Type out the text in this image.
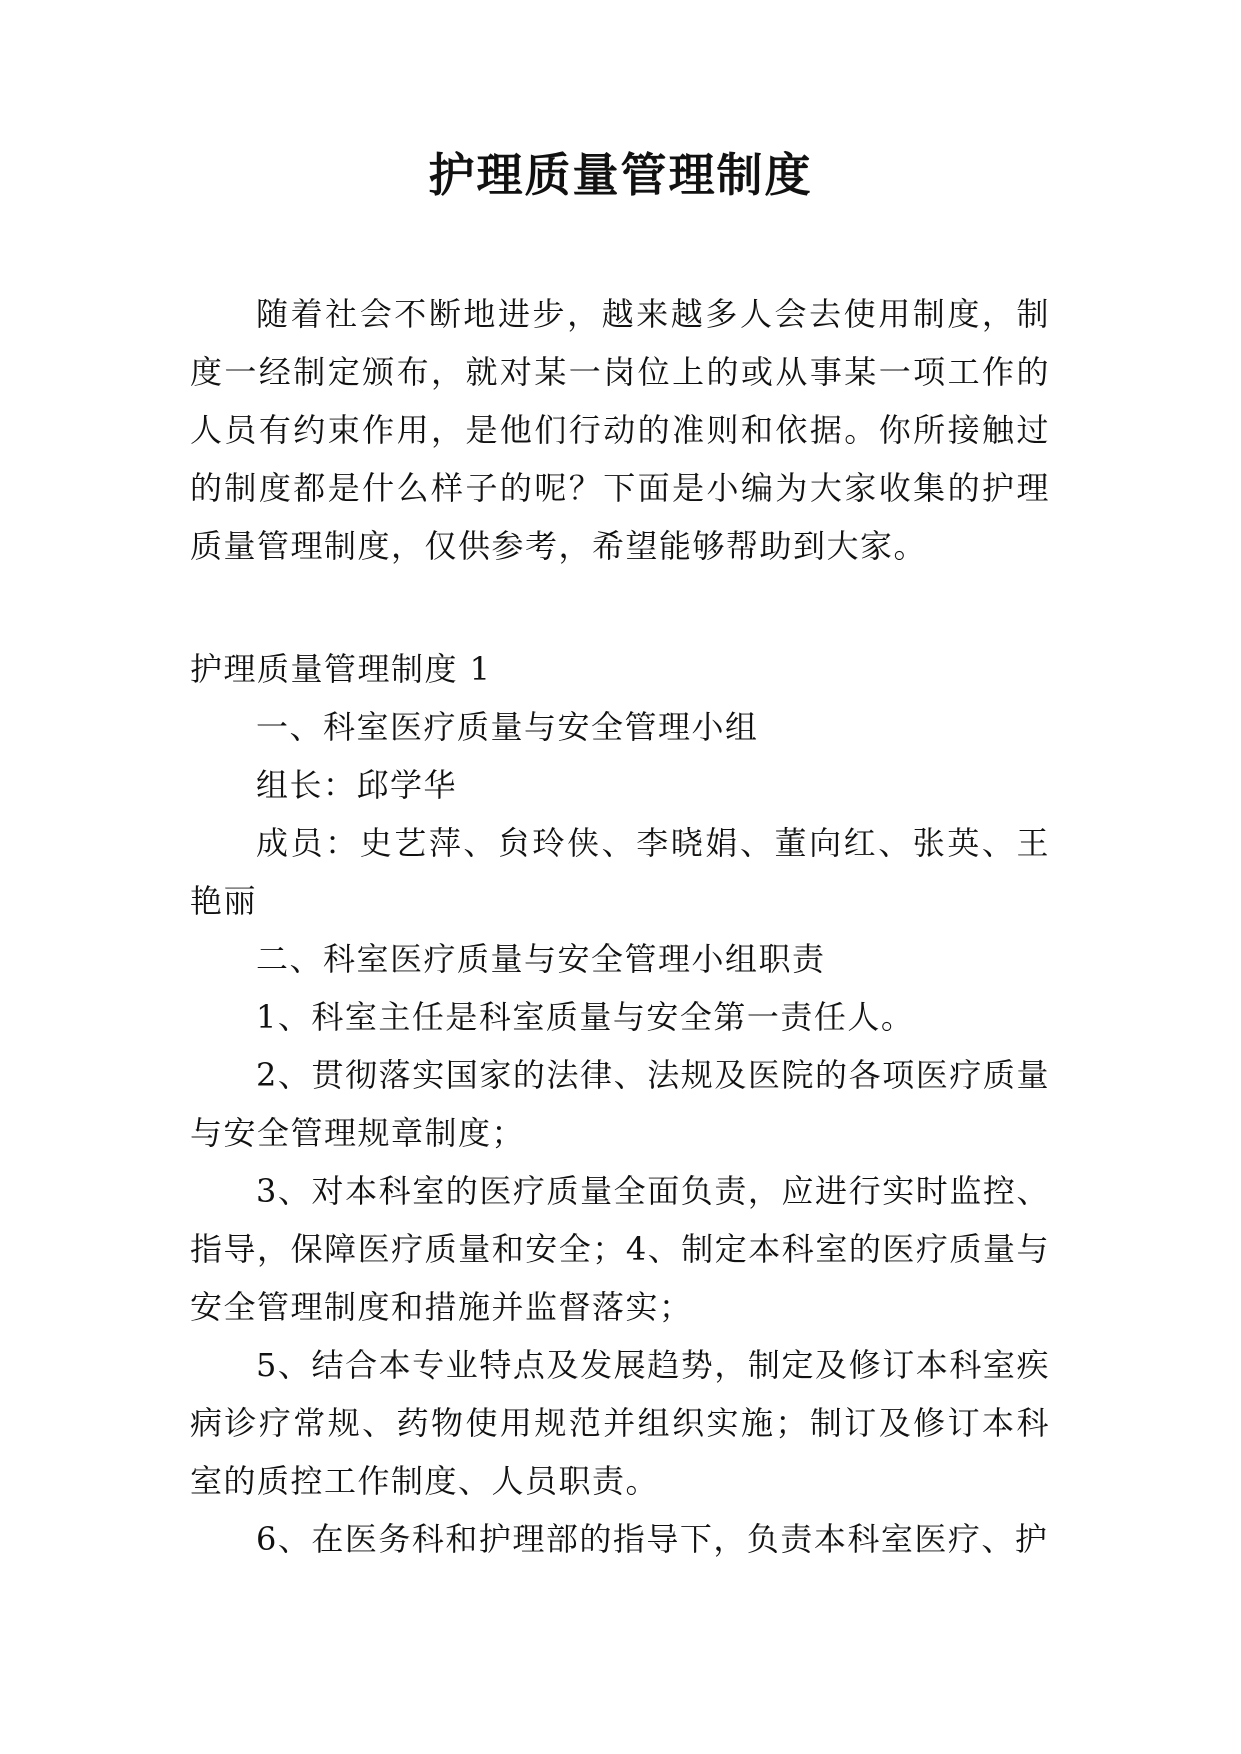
护理质量管理制度

随着社会不断地进步，越来越多人会去使用制度，制度一经制定颁布，就对某一岗位上的或从事某一项工作的人员有约束作用，是他们行动的准则和依据。你所接触过的制度都是什么样子的呢？下面是小编为大家收集的护理质量管理制度，仅供参考，希望能够帮助到大家。

护理质量管理制度 1

一、科室医疗质量与安全管理小组

组长：邱学华

成员：史艺萍、贠玲侠、李晓娟、董向红、张英、王艳丽

二、科室医疗质量与安全管理小组职责

1、科室主任是科室质量与安全第一责任人。

2、贯彻落实国家的法律、法规及医院的各项医疗质量与安全管理规章制度；

3、对本科室的医疗质量全面负责，应进行实时监控、指导，保障医疗质量和安全；4、制定本科室的医疗质量与安全管理制度和措施并监督落实；

5、结合本专业特点及发展趋势，制定及修订本科室疾病诊疗常规、药物使用规范并组织实施；制订及修订本科室的质控工作制度、人员职责。

6、在医务科和护理部的指导下，负责本科室医疗、护
